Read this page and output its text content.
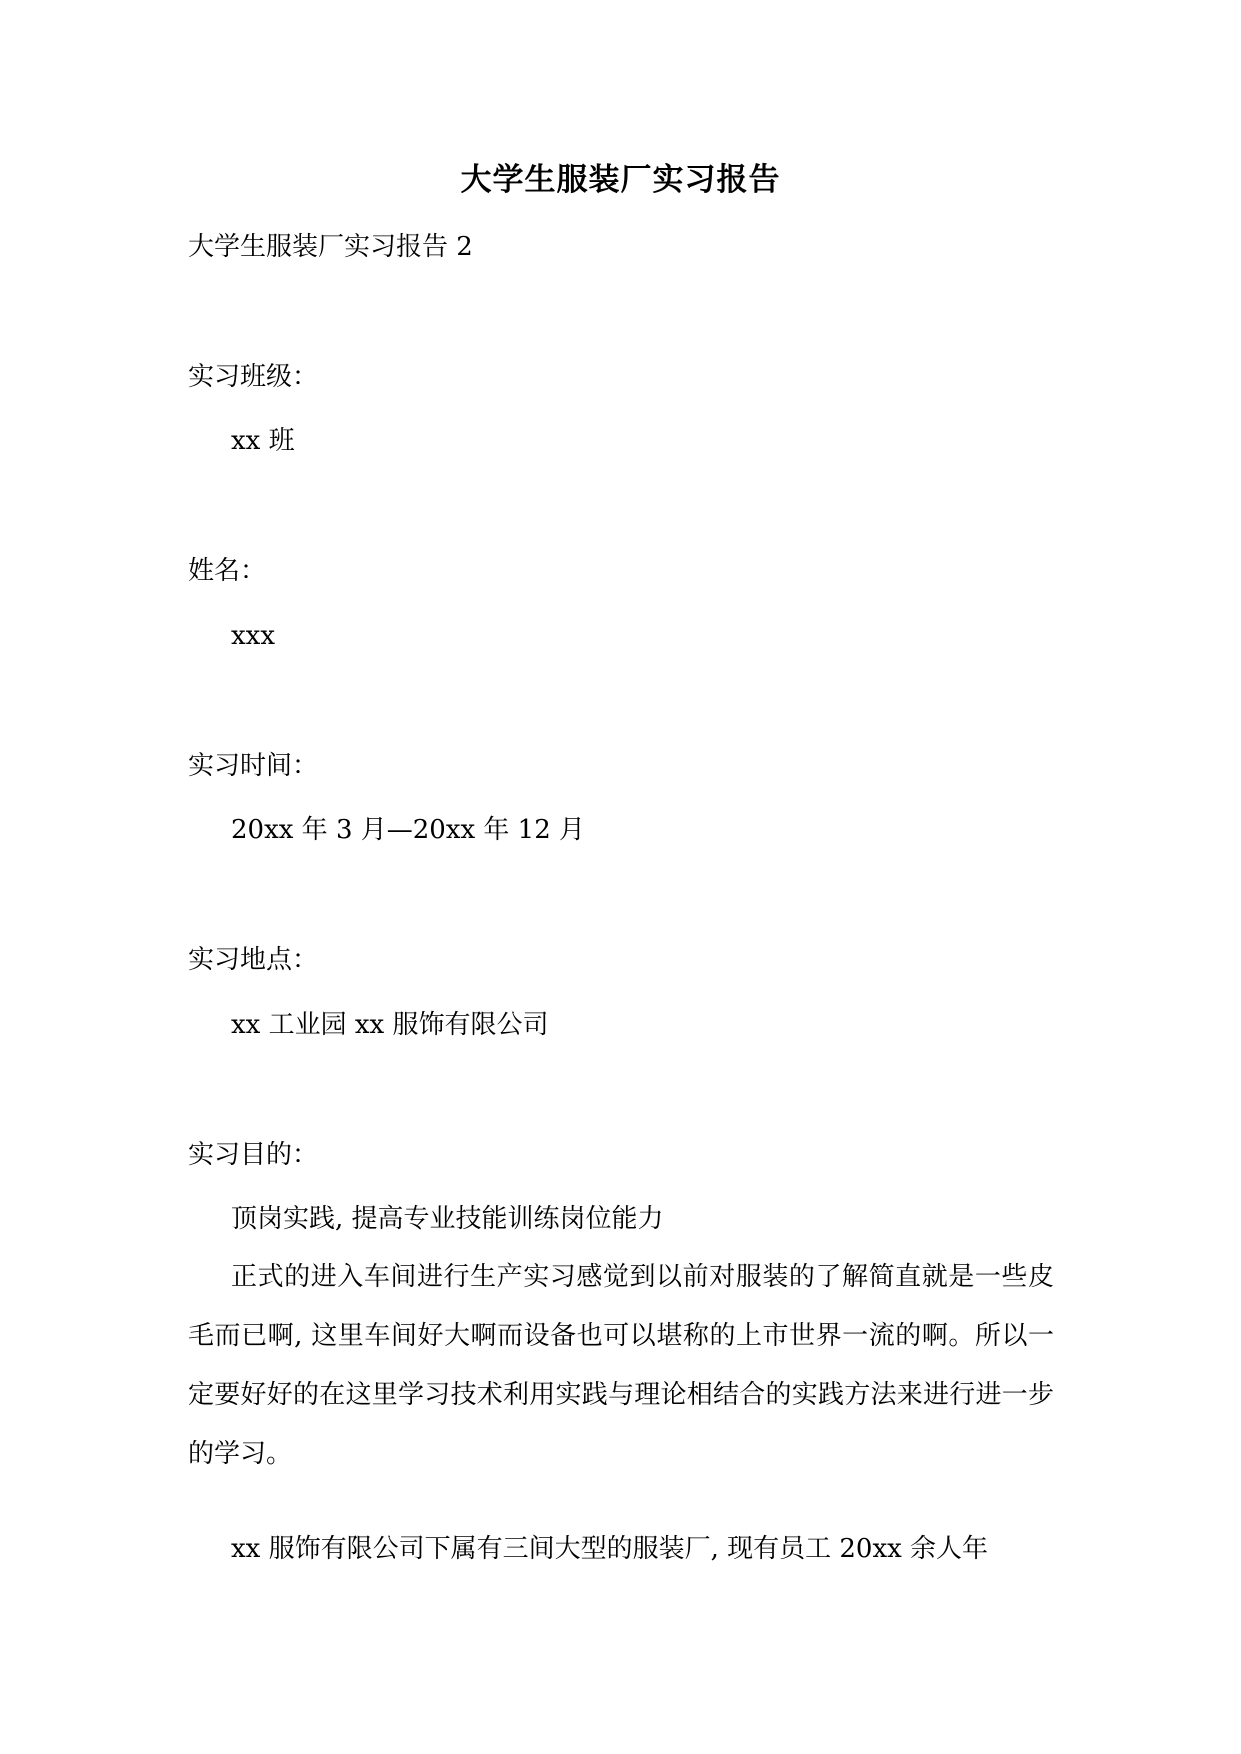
大学生服装厂实习报告
大学生服装厂实习报告 2
实习班级：
xx 班
姓名：
xxx
实习时间：
20xx 年 3 月—20xx 年 12 月
实习地点：
xx 工业园 xx 服饰有限公司
实习目的：
顶岗实践, 提高专业技能训练岗位能力
正式的进入车间进行生产实习感觉到以前对服装的了解简直就是一些皮毛而已啊, 这里车间好大啊而设备也可以堪称的上市世界一流的啊。所以一定要好好的在这里学习技术利用实践与理论相结合的实践方法来进行进一步的学习。
xx 服饰有限公司下属有三间大型的服装厂, 现有员工 20xx 余人年
